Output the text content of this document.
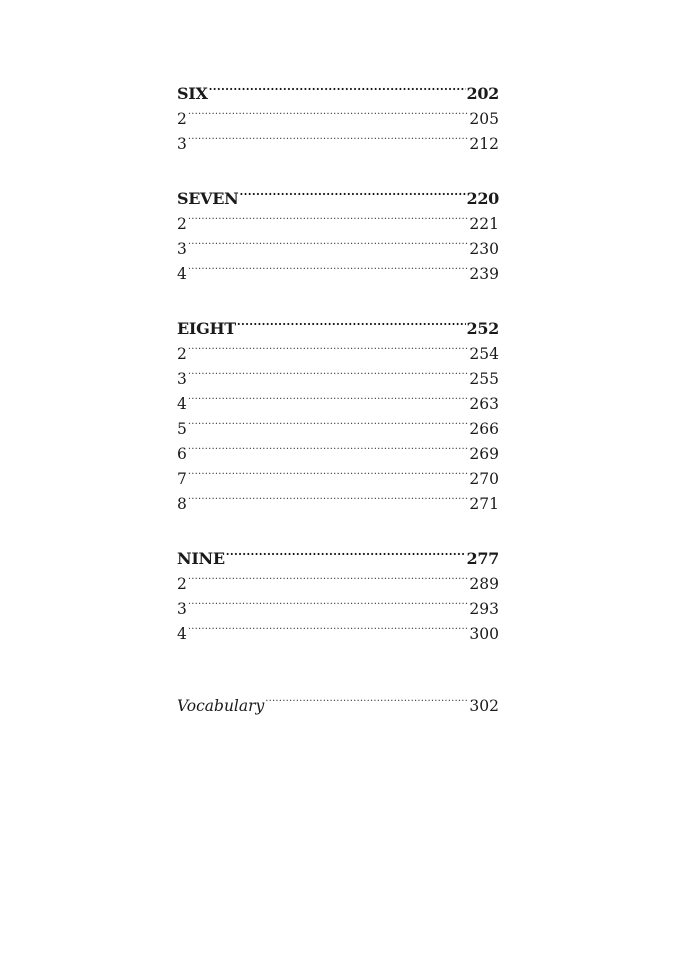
SIX .....	202
2 .....	205
3 .....	212
SEVEN .....	220
2 .....	221
3 .....	230
4 .....	239
EIGHT .....	252
2 .....	254
3 .....	255
4 .....	263
5 .....	266
6 .....	269
7 .....	270
8 .....	271
NINE .....	277
2 .....	289
3 .....	293
4 .....	300
Vocabulary .....	302
